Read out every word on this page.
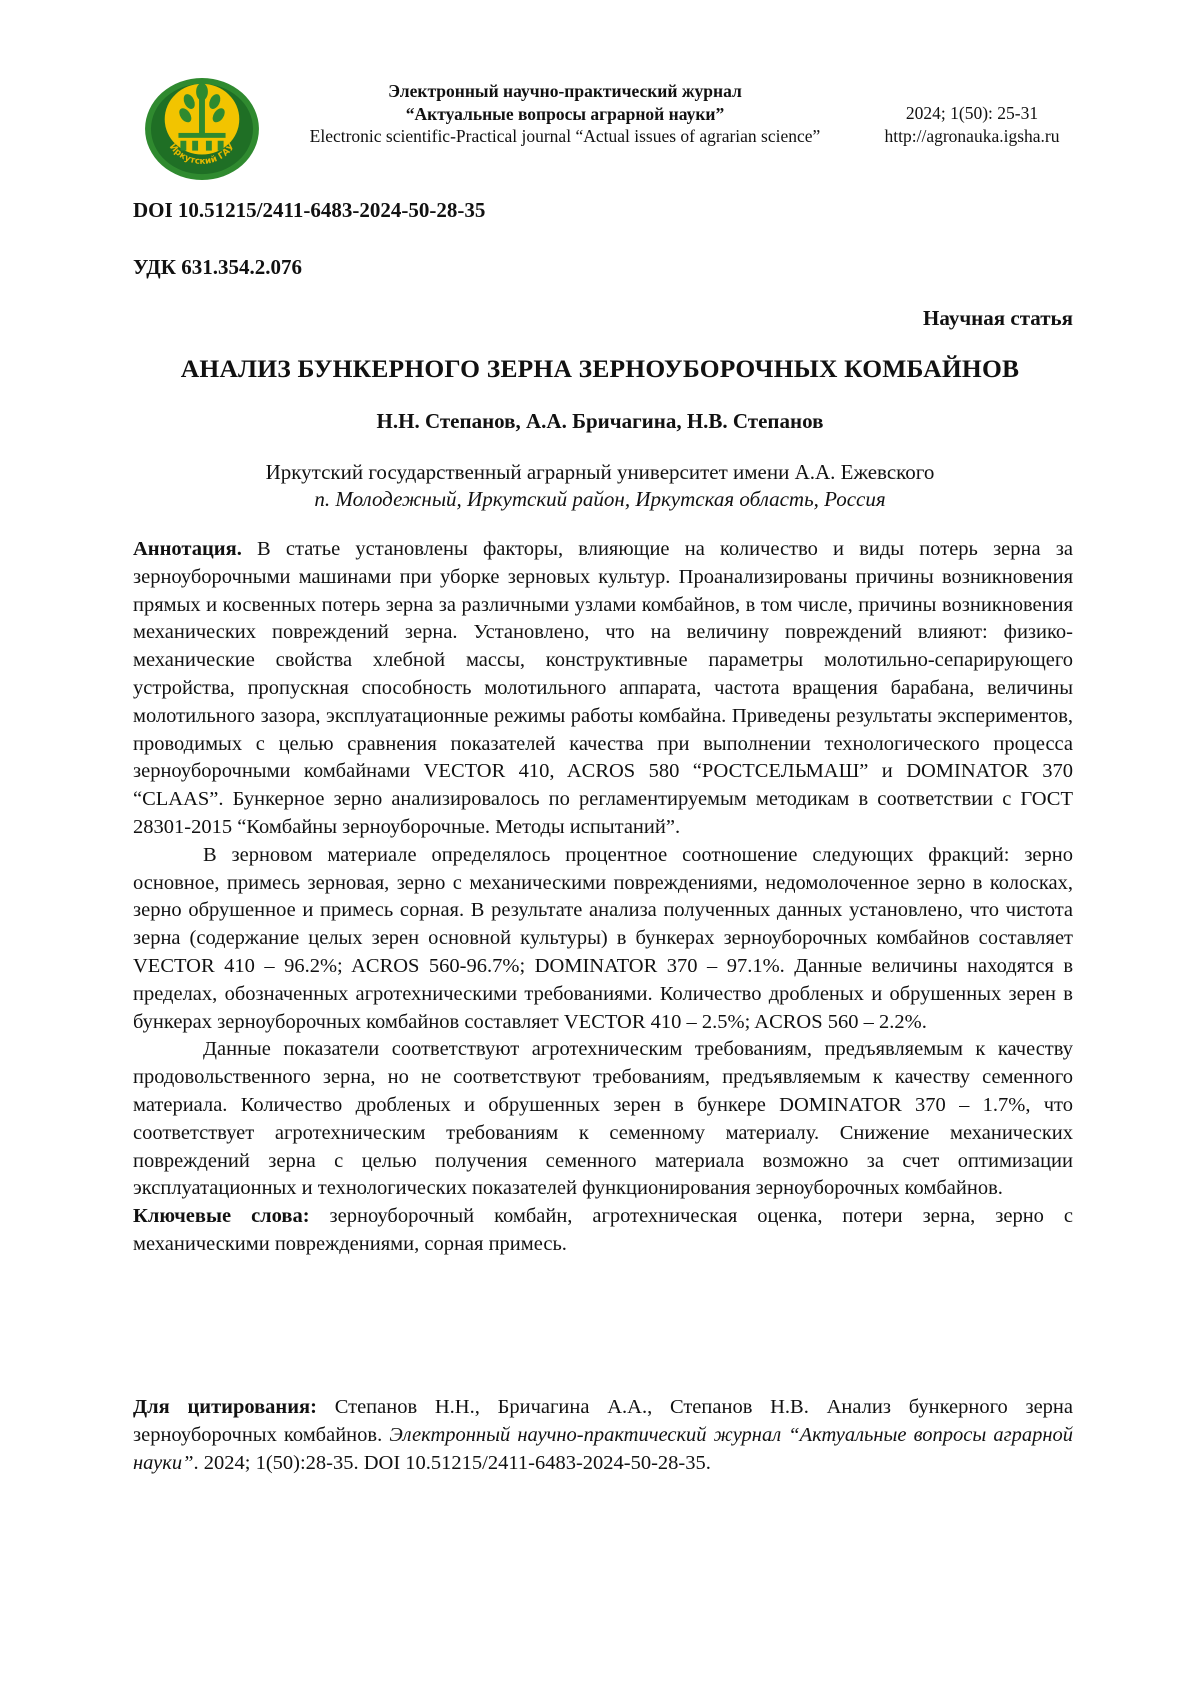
Иркутский ГАУ
Электронный научно-практический журнал
“Актуальные вопросы аграрной науки”
Electronic scientific-Practical journal “Actual issues of agrarian science”
2024; 1(50): 25-31
http://agronauka.igsha.ru
DOI 10.51215/2411-6483-2024-50-28-35
УДК 631.354.2.076
Научная статья
АНАЛИЗ БУНКЕРНОГО ЗЕРНА ЗЕРНОУБОРОЧНЫХ КОМБАЙНОВ
Н.Н. Степанов, А.А. Бричагина, Н.В. Степанов
Иркутский государственный аграрный университет имени А.А. Ежевского
п. Молодежный, Иркутский район, Иркутская область, Россия

Аннотация. В статье установлены факторы, влияющие на количество и виды потерь зерна за зерноуборочными машинами при уборке зерновых культур. Проанализированы причины возникновения прямых и косвенных потерь зерна за различными узлами комбайнов, в том числе, причины возникновения механических повреждений зерна. Установлено, что на величину повреждений влияют: физико-механические свойства хлебной массы, конструктивные параметры молотильно-сепарирующего устройства, пропускная способность молотильного аппарата, частота вращения барабана, величины молотильного зазора, эксплуатационные режимы работы комбайна. Приведены результаты экспериментов, проводимых с целью сравнения показателей качества при выполнении технологического процесса зерноуборочными комбайнами VECTOR 410, ACROS 580 “РОСТСЕЛЬМАШ” и DOMINATOR 370 “CLAAS”. Бункерное зерно анализировалось по регламентируемым методикам в соответствии с ГОСТ 28301-2015 “Комбайны зерноуборочные. Методы испытаний”.

В зерновом материале определялось процентное соотношение следующих фракций: зерно основное, примесь зерновая, зерно с механическими повреждениями, недомолоченное зерно в колосках, зерно обрушенное и примесь сорная. В результате анализа полученных данных установлено, что чистота зерна (содержание целых зерен основной культуры) в бункерах зерноуборочных комбайнов составляет VECTOR 410 – 96.2%; ACROS 560-96.7%; DOMINATOR 370 – 97.1%. Данные величины находятся в пределах, обозначенных агротехническими требованиями. Количество дробленых и обрушенных зерен в бункерах зерноуборочных комбайнов составляет VECTOR 410 – 2.5%; ACROS 560 – 2.2%.

Данные показатели соответствуют агротехническим требованиям, предъявляемым к качеству продовольственного зерна, но не соответствуют требованиям, предъявляемым к качеству семенного материала. Количество дробленых и обрушенных зерен в бункере DOMINATOR 370 – 1.7%, что соответствует агротехническим требованиям к семенному материалу. Снижение механических повреждений зерна с целью получения семенного материала возможно за счет оптимизации эксплуатационных и технологических показателей функционирования зерноуборочных комбайнов.

Ключевые слова: зерноуборочный комбайн, агротехническая оценка, потери зерна, зерно с механическими повреждениями, сорная примесь.

Для цитирования: Степанов Н.Н., Бричагина А.А., Степанов Н.В. Анализ бункерного зерна зерноуборочных комбайнов. Электронный научно-практический журнал “Актуальные вопросы аграрной науки”. 2024; 1(50):28-35. DOI 10.51215/2411-6483-2024-50-28-35.
